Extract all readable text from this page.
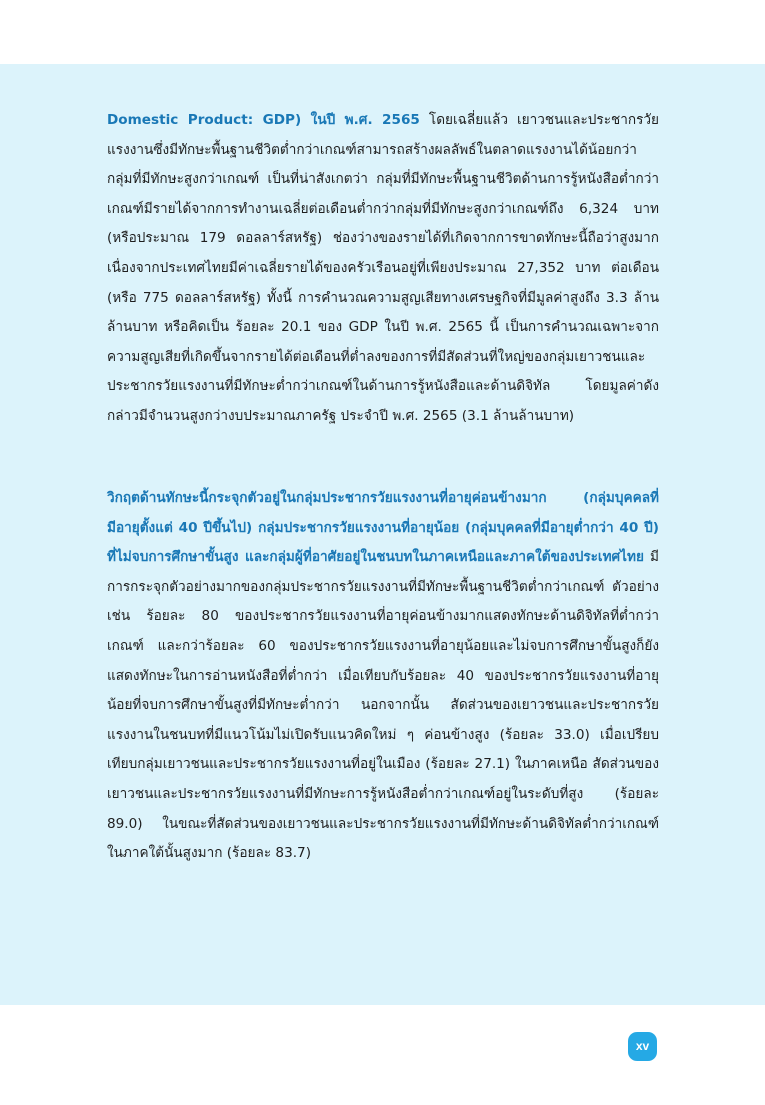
Domestic Product: GDP) ในปี พ.ศ. 2565 โดยเฉลี่ยแล้ว เยาวชนและประชากรวัยแรงงานซึ่งมีทักษะพื้นฐานชีวิตต่ำกว่าเกณฑ์สามารถสร้างผลลัพธ์ในตลาดแรงงานได้น้อยกว่ากลุ่มที่มีทักษะสูงกว่าเกณฑ์ เป็นที่น่าสังเกตว่า กลุ่มที่มีทักษะพื้นฐานชีวิตด้านการรู้หนังสือต่ำกว่าเกณฑ์มีรายได้จากการทำงานเฉลี่ยต่อเดือนต่ำกว่ากลุ่มที่มีทักษะสูงกว่าเกณฑ์ถึง 6,324 บาท (หรือประมาณ 179 ดอลลาร์สหรัฐ) ช่องว่างของรายได้ที่เกิดจากการขาดทักษะนี้ถือว่าสูงมาก เนื่องจากประเทศไทยมีค่าเฉลี่ยรายได้ของครัวเรือนอยู่ที่เพียงประมาณ 27,352 บาท ต่อเดือน (หรือ 775 ดอลลาร์สหรัฐ) ทั้งนี้ การคำนวณความสูญเสียทางเศรษฐกิจที่มีมูลค่าสูงถึง 3.3 ล้านล้านบาท หรือคิดเป็น ร้อยละ 20.1 ของ GDP ในปี พ.ศ. 2565 นี้ เป็นการคำนวณเฉพาะจากความสูญเสียที่เกิดขึ้นจากรายได้ต่อเดือนที่ต่ำลงของการที่มีสัดส่วนที่ใหญ่ของกลุ่มเยาวชนและประชากรวัยแรงงานที่มีทักษะต่ำกว่าเกณฑ์ในด้านการรู้หนังสือและด้านดิจิทัล โดยมูลค่าดังกล่าวมีจำนวนสูงกว่างบประมาณภาครัฐ ประจำปี พ.ศ. 2565 (3.1 ล้านล้านบาท)

วิกฤตด้านทักษะนี้กระจุกตัวอยู่ในกลุ่มประชากรวัยแรงงานที่อายุค่อนข้างมาก (กลุ่มบุคคลที่มีอายุตั้งแต่ 40 ปีขึ้นไป) กลุ่มประชากรวัยแรงงานที่อายุน้อย (กลุ่มบุคคลที่มีอายุต่ำกว่า 40 ปี) ที่ไม่จบการศึกษาขั้นสูง และกลุ่มผู้ที่อาศัยอยู่ในชนบทในภาคเหนือและภาคใต้ของประเทศไทย มีการกระจุกตัวอย่างมากของกลุ่มประชากรวัยแรงงานที่มีทักษะพื้นฐานชีวิตต่ำกว่าเกณฑ์ ตัวอย่างเช่น ร้อยละ 80 ของประชากรวัยแรงงานที่อายุค่อนข้างมากแสดงทักษะด้านดิจิทัลที่ต่ำกว่าเกณฑ์ และกว่าร้อยละ 60 ของประชากรวัยแรงงานที่อายุน้อยและไม่จบการศึกษาขั้นสูงก็ยังแสดงทักษะในการอ่านหนังสือที่ต่ำกว่า เมื่อเทียบกับร้อยละ 40 ของประชากรวัยแรงงานที่อายุน้อยที่จบการศึกษาขั้นสูงที่มีทักษะต่ำกว่า นอกจากนั้น สัดส่วนของเยาวชนและประชากรวัยแรงงานในชนบทที่มีแนวโน้มไม่เปิดรับแนวคิดใหม่ ๆ ค่อนข้างสูง (ร้อยละ 33.0) เมื่อเปรียบเทียบกลุ่มเยาวชนและประชากรวัยแรงงานที่อยู่ในเมือง (ร้อยละ 27.1) ในภาคเหนือ สัดส่วนของเยาวชนและประชากรวัยแรงงานที่มีทักษะการรู้หนังสือต่ำกว่าเกณฑ์อยู่ในระดับที่สูง (ร้อยละ 89.0) ในขณะที่สัดส่วนของเยาวชนและประชากรวัยแรงงานที่มีทักษะด้านดิจิทัลต่ำกว่าเกณฑ์ในภาคใต้นั้นสูงมาก (ร้อยละ 83.7)

xv
